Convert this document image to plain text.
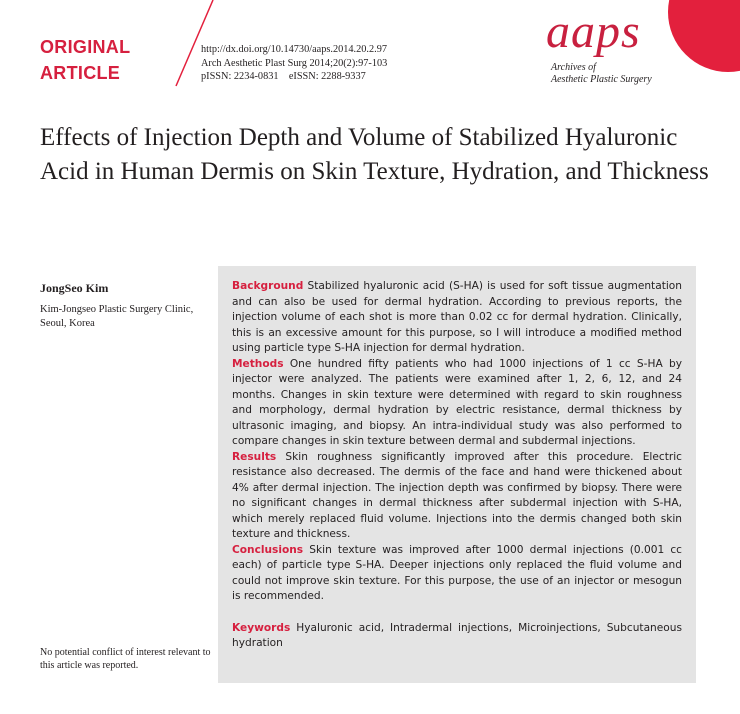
ORIGINAL
ARTICLE
http://dx.doi.org/10.14730/aaps.2014.20.2.97
Arch Aesthetic Plast Surg 2014;20(2):97-103
pISSN: 2234-0831    eISSN: 2288-9337
aaps
Archives of
Aesthetic Plastic Surgery
Effects of Injection Depth and Volume of Stabilized Hyaluronic Acid in Human Dermis on Skin Texture, Hydration, and Thickness
JongSeo Kim
Kim-Jongseo Plastic Surgery Clinic,
Seoul, Korea
No potential conflict of interest relevant to this article was reported.

Background Stabilized hyaluronic acid (S-HA) is used for soft tissue augmentation and can also be used for dermal hydration. According to previous reports, the injection volume of each shot is more than 0.02 cc for dermal hydration. Clinically, this is an excessive amount for this purpose, so I will introduce a modified method using particle type S-HA injection for dermal hydration.

Methods One hundred fifty patients who had 1000 injections of 1 cc S-HA by injector were analyzed. The patients were examined after 1, 2, 6, 12, and 24 months. Changes in skin texture were determined with regard to skin roughness and morphology, dermal hydration by electric resistance, dermal thickness by ultrasonic imaging, and biopsy. An intra-individual study was also performed to compare changes in skin texture between dermal and subdermal injections.

Results Skin roughness significantly improved after this procedure. Electric resistance also decreased. The dermis of the face and hand were thickened about 4% after dermal injection. The injection depth was confirmed by biopsy. There were no significant changes in dermal thickness after subdermal injection with S-HA, which merely replaced fluid volume. Injections into the dermis changed both skin texture and thickness.

Conclusions Skin texture was improved after 1000 dermal injections (0.001 cc each) of particle type S-HA. Deeper injections only replaced the fluid volume and could not improve skin texture. For this purpose, the use of an injector or mesogun is recommended.

Keywords Hyaluronic acid, Intradermal injections, Microinjections, Subcutaneous hydration
